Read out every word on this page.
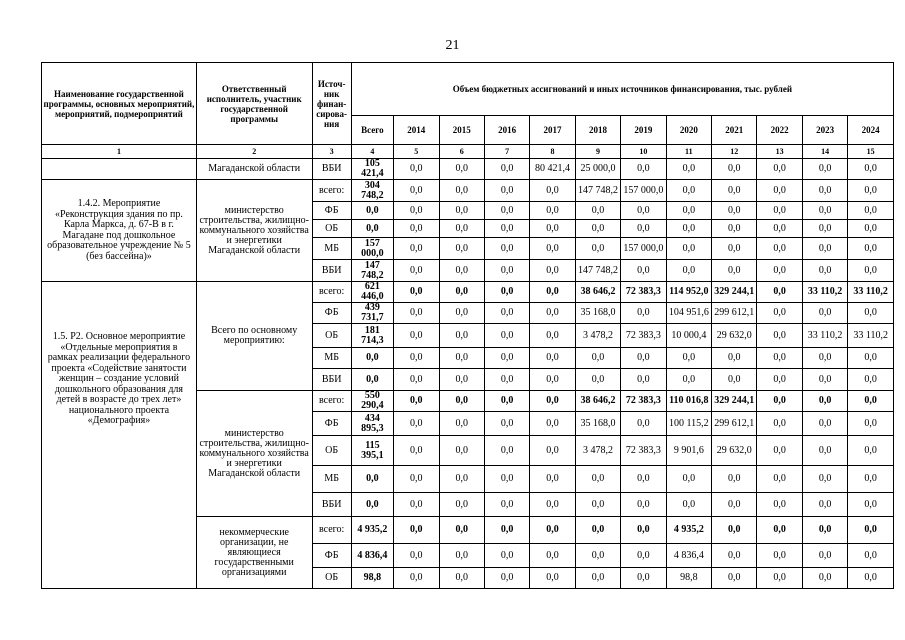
21
Наименование государственной программы, основных мероприятий, мероприятий, подмероприятий	Ответственный исполнитель, участник государственной программы	Источ-ник финан-сирова-ния	Объем бюджетных ассигнований и иных источников финансирования, тыс. рублей											
			Всего	2014	2015	2016	2017	2018	2019	2020	2021	2022	2023	2024
1	2	3	4	5	6	7	8	9	10	11	12	13	14	15
	Магаданской области	ВБИ	105 421,4	0,0	0,0	0,0	80 421,4	25 000,0	0,0	0,0	0,0	0,0	0,0	0,0
1.4.2. Мероприятие «Реконструкция здания по пр. Карла Маркса, д. 67-В в г. Магадане под дошкольное образовательное учреждение № 5 (без бассейна)»	министерство строительства, жилищно-коммунального хозяйства и энергетики Магаданской области	всего:	304 748,2	0,0	0,0	0,0	0,0	147 748,2	157 000,0	0,0	0,0	0,0	0,0	0,0
		ФБ	0,0	0,0	0,0	0,0	0,0	0,0	0,0	0,0	0,0	0,0	0,0	0,0
		ОБ	0,0	0,0	0,0	0,0	0,0	0,0	0,0	0,0	0,0	0,0	0,0	0,0
		МБ	157 000,0	0,0	0,0	0,0	0,0	0,0	157 000,0	0,0	0,0	0,0	0,0	0,0
		ВБИ	147 748,2	0,0	0,0	0,0	0,0	147 748,2	0,0	0,0	0,0	0,0	0,0	0,0
1.5. Р2. Основное мероприятие «Отдельные мероприятия в рамках реализации федерального проекта «Содействие занятости женщин – создание условий дошкольного образования для детей в возрасте до трех лет» национального проекта «Демография»	Всего по основному мероприятию:	всего:	621 446,0	0,0	0,0	0,0	0,0	38 646,2	72 383,3	114 952,0	329 244,1	0,0	33 110,2	33 110,2
		ФБ	439 731,7	0,0	0,0	0,0	0,0	35 168,0	0,0	104 951,6	299 612,1	0,0	0,0	0,0
		ОБ	181 714,3	0,0	0,0	0,0	0,0	3 478,2	72 383,3	10 000,4	29 632,0	0,0	33 110,2	33 110,2
		МБ	0,0	0,0	0,0	0,0	0,0	0,0	0,0	0,0	0,0	0,0	0,0	0,0
		ВБИ	0,0	0,0	0,0	0,0	0,0	0,0	0,0	0,0	0,0	0,0	0,0	0,0
	министерство строительства, жилищно-коммунального хозяйства и энергетики Магаданской области	всего:	550 290,4	0,0	0,0	0,0	0,0	38 646,2	72 383,3	110 016,8	329 244,1	0,0	0,0	0,0
		ФБ	434 895,3	0,0	0,0	0,0	0,0	35 168,0	0,0	100 115,2	299 612,1	0,0	0,0	0,0
		ОБ	115 395,1	0,0	0,0	0,0	0,0	3 478,2	72 383,3	9 901,6	29 632,0	0,0	0,0	0,0
		МБ	0,0	0,0	0,0	0,0	0,0	0,0	0,0	0,0	0,0	0,0	0,0	0,0
		ВБИ	0,0	0,0	0,0	0,0	0,0	0,0	0,0	0,0	0,0	0,0	0,0	0,0
	некоммерческие организации, не являющиеся государственными организациями	всего:	4 935,2	0,0	0,0	0,0	0,0	0,0	0,0	4 935,2	0,0	0,0	0,0	0,0
		ФБ	4 836,4	0,0	0,0	0,0	0,0	0,0	0,0	4 836,4	0,0	0,0	0,0	0,0
		ОБ	98,8	0,0	0,0	0,0	0,0	0,0	0,0	98,8	0,0	0,0	0,0	0,0
